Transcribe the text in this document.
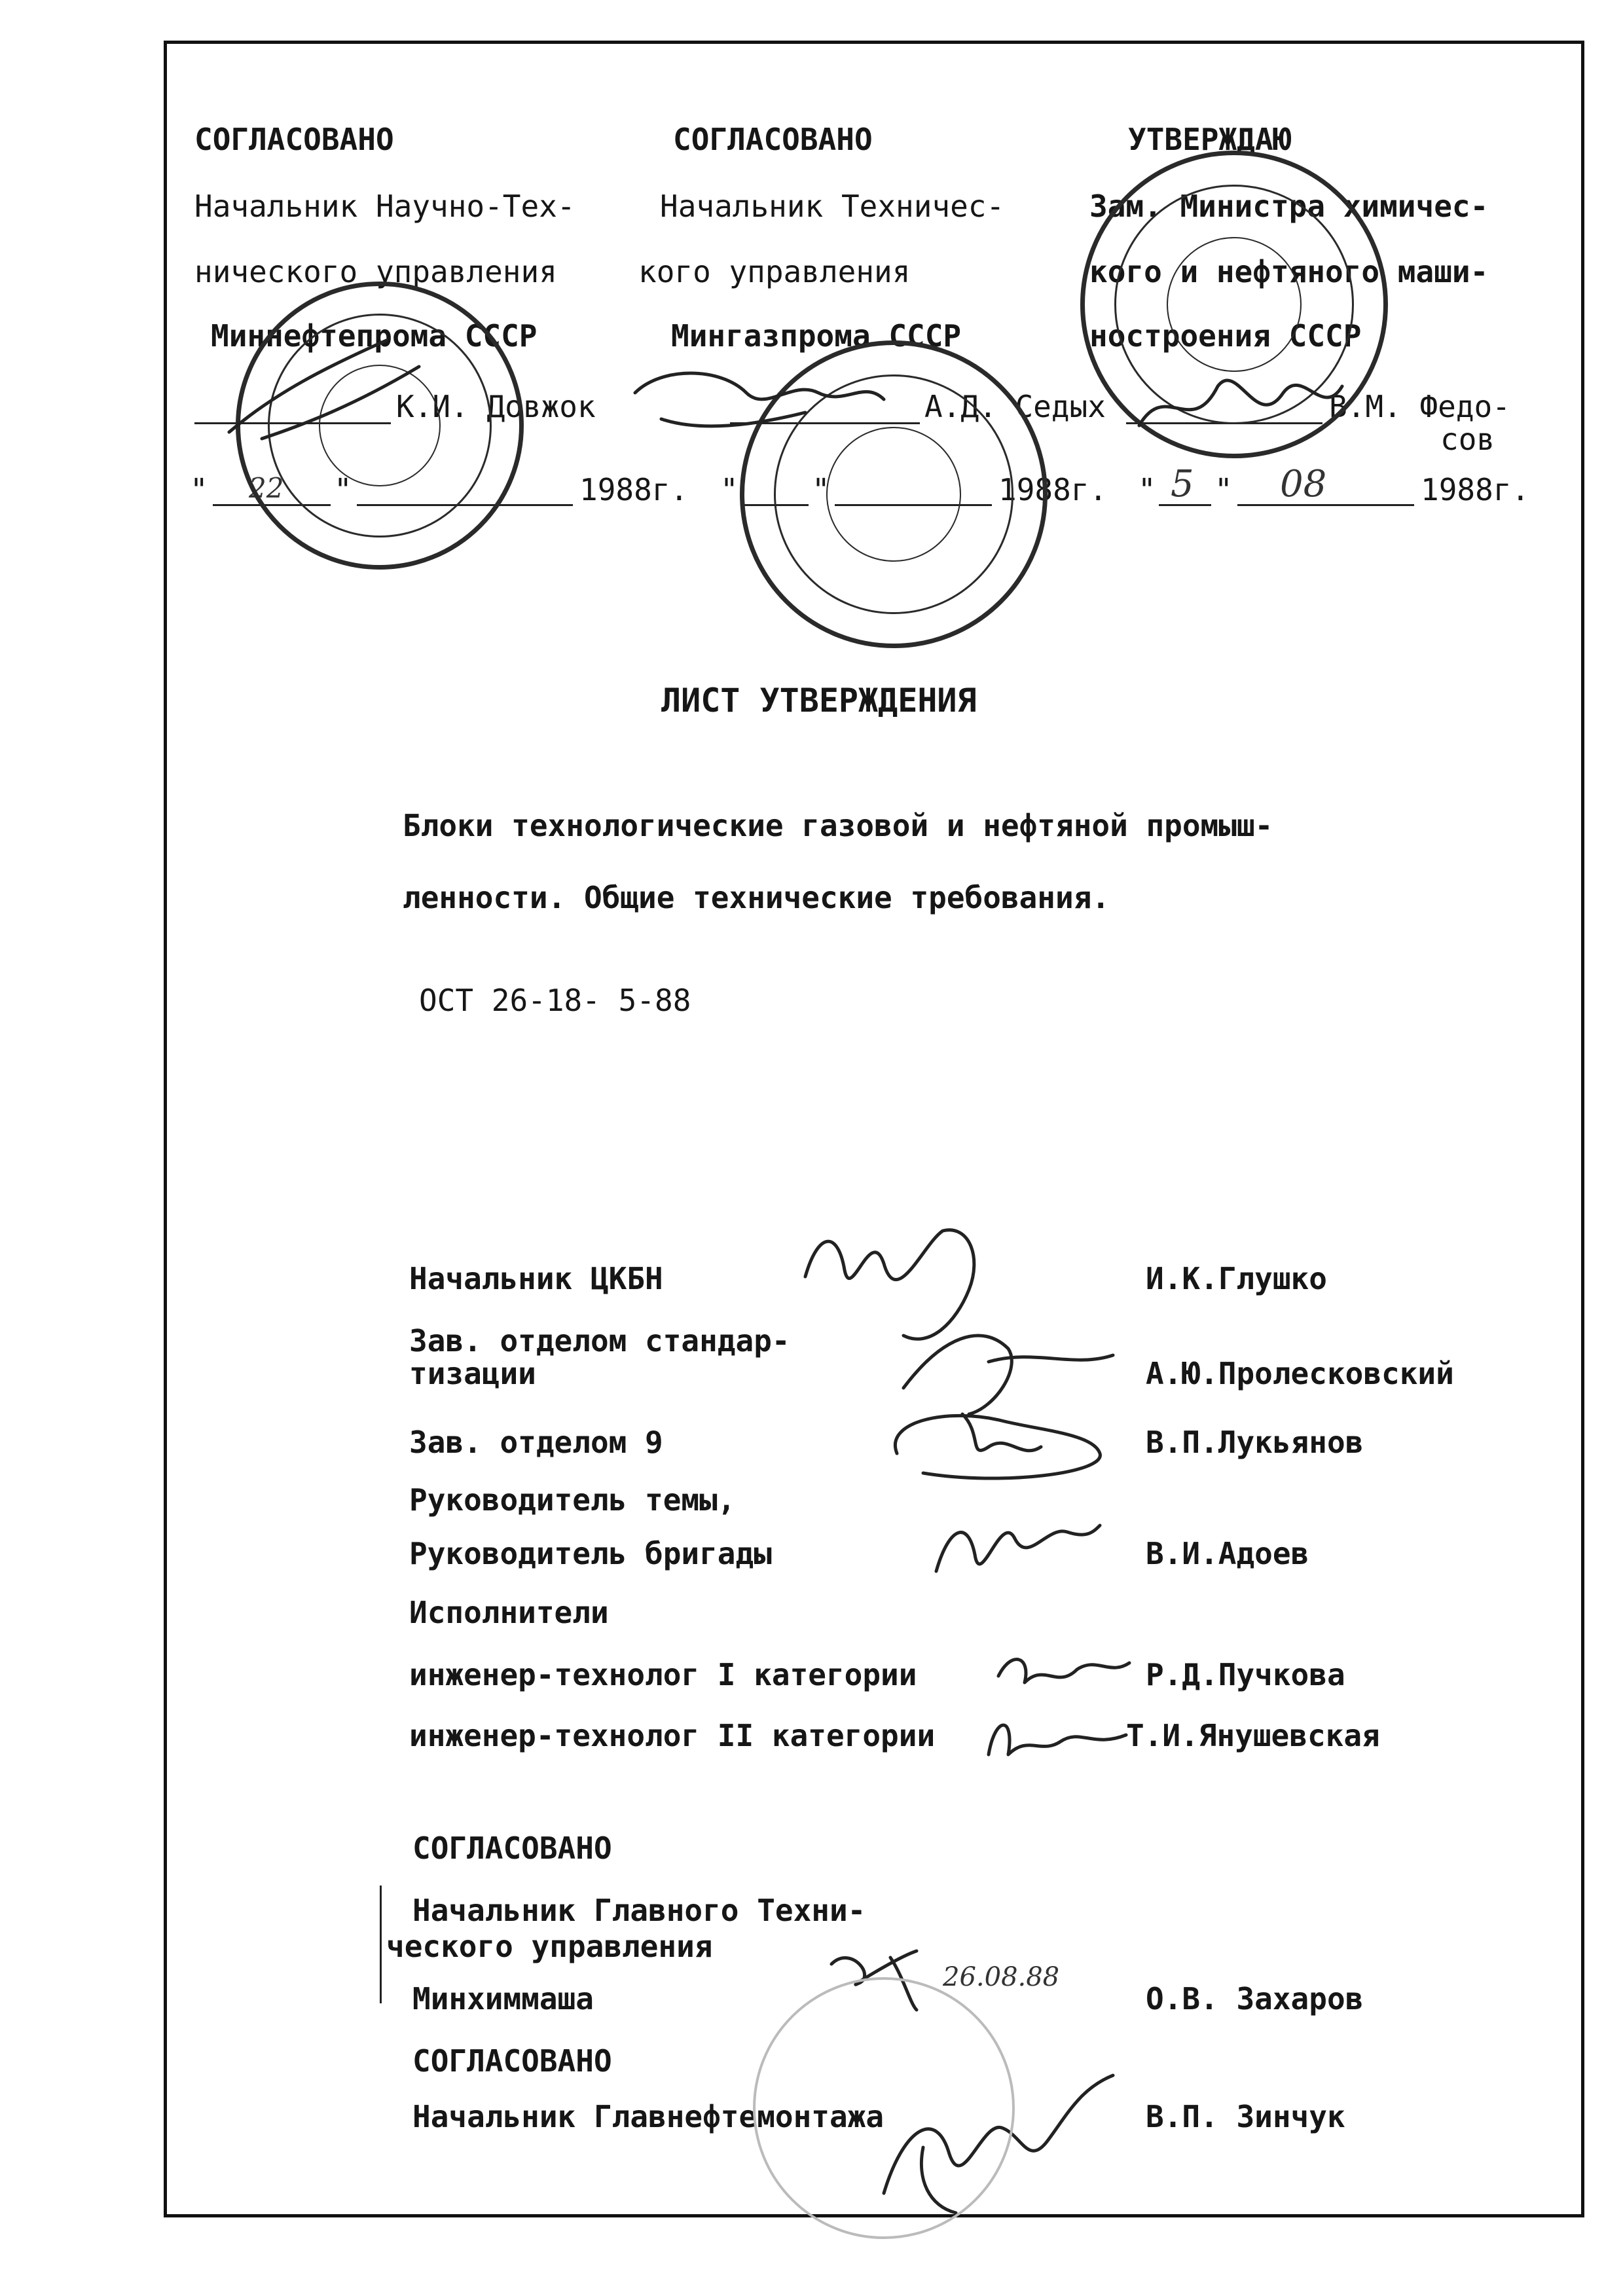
СОГЛАСОВАНО
Начальник Научно-Тех-
нического управления
Миннефтепрома СССР
К.И. Довжок
" 22 "	1988г.
СОГЛАСОВАНО
Начальник Техничес-
кого управления
Мингазпрома СССР
А.Д. Седых
" "	1988г.
УТВЕРЖДАЮ
Зам. Министра химичес-
кого и нефтяного маши-
ностроения СССР
В.М. Федо-
сов
" 5 " 08	1988г.
ЛИСТ УТВЕРЖДЕНИЯ
Блоки технологические газовой и нефтяной промыш-
ленности. Общие технические требования.
ОСТ 26-18- 5-88
Начальник ЦКБН	И.К.Глушко
Зав. отделом стандар-
тизации	А.Ю.Пролесковский
Зав. отделом 9	В.П.Лукьянов
Руководитель темы,
Руководитель бригады	В.И.Адоев
Исполнители
инженер-технолог I категории	Р.Д.Пучкова
инженер-технолог II категории	Т.И.Янушевская
СОГЛАСОВАНО
Начальник Главного Техни-
ческого управления
Минхиммаша	О.В. Захаров
26.08.88
СОГЛАСОВАНО
Начальник Главнефтемонтажа	В.П. Зинчук
